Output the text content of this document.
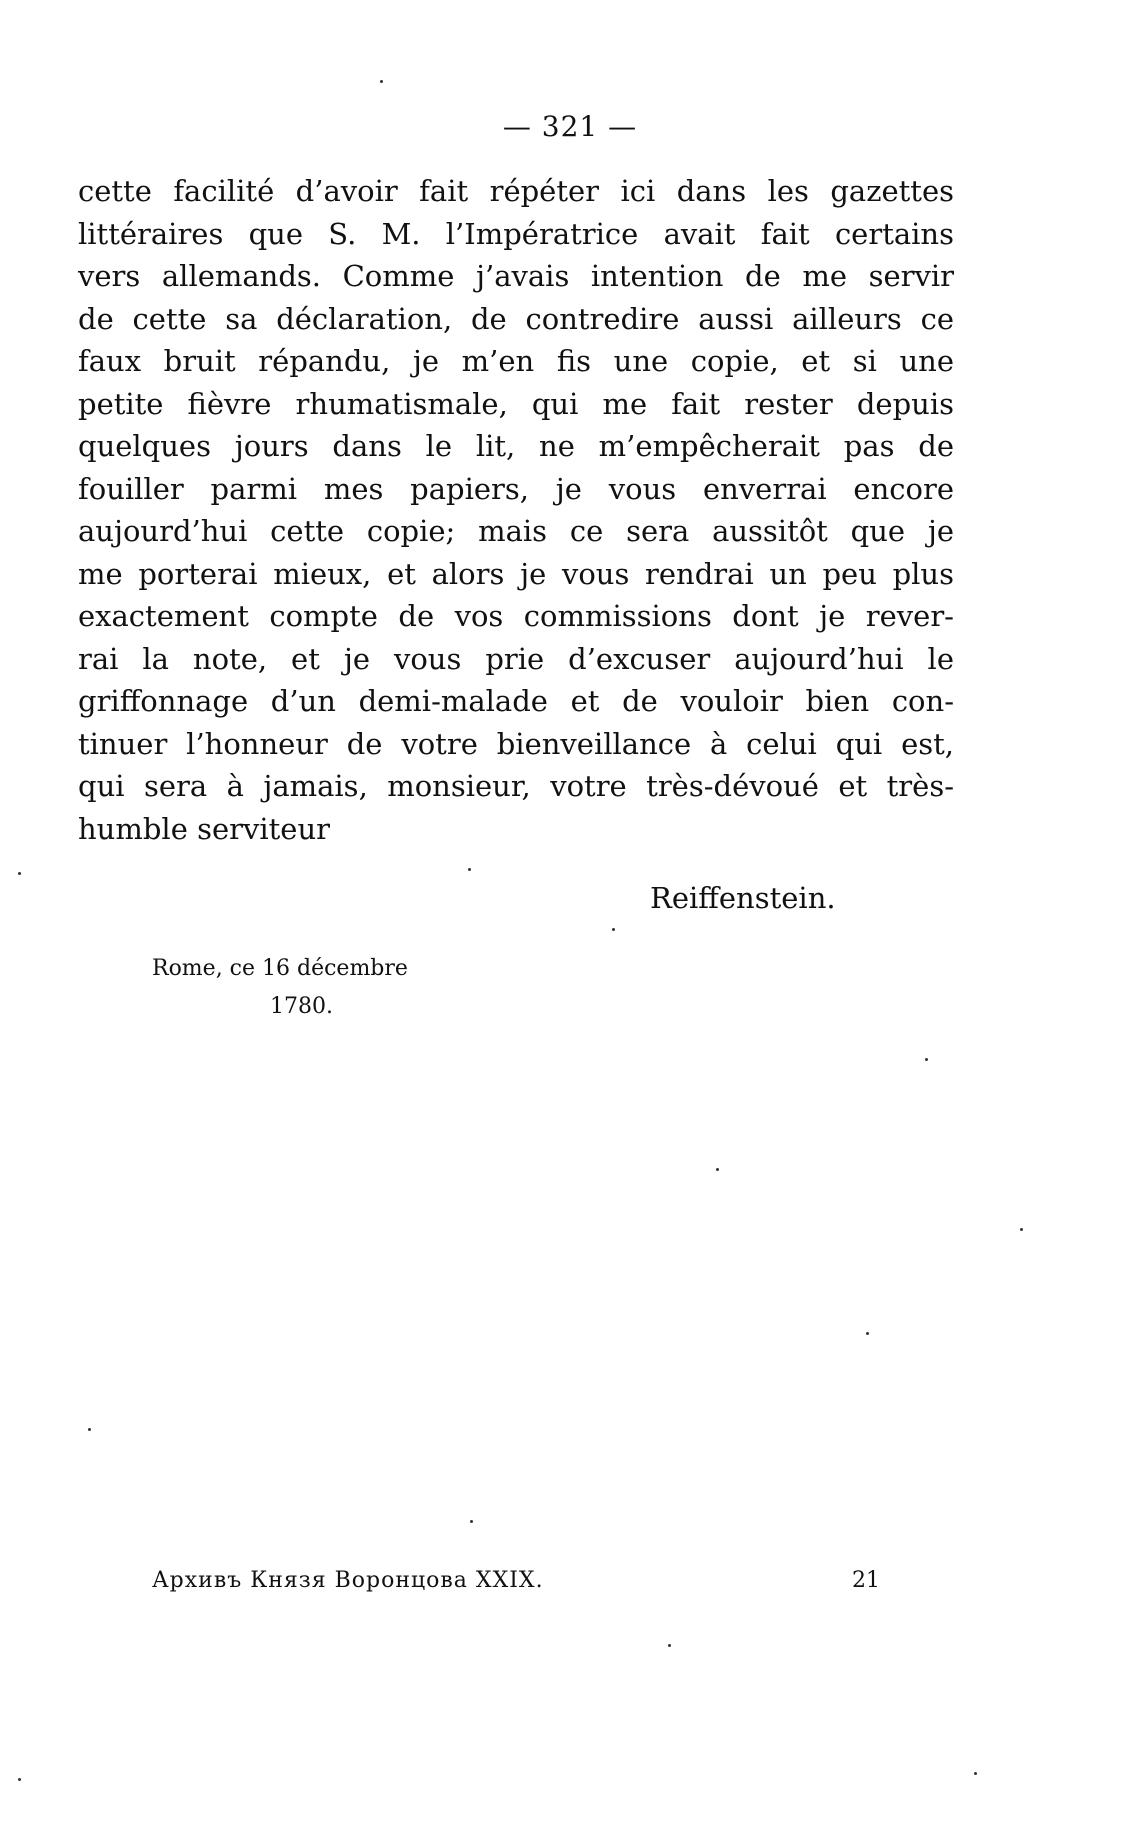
— 321 —
cette facilité d’avoir fait répéter ici dans les gazettes
littéraires que S. M. l’Impératrice avait fait certains
vers allemands. Comme j’avais intention de me servir
de cette sa déclaration, de contredire aussi ailleurs ce
faux bruit répandu, je m’en fis une copie, et si une
petite fièvre rhumatismale, qui me fait rester depuis
quelques jours dans le lit, ne m’empêcherait pas de
fouiller parmi mes papiers, je vous enverrai encore
aujourd’hui cette copie; mais ce sera aussitôt que je
me porterai mieux, et alors je vous rendrai un peu plus
exactement compte de vos commissions dont je rever-
rai la note, et je vous prie d’excuser aujourd’hui le
griffonnage d’un demi-malade et de vouloir bien con-
tinuer l’honneur de votre bienveillance à celui qui est,
qui sera à jamais, monsieur, votre très-dévoué et très-
humble serviteur
Reiffenstein.
Rome, ce 16 décembre
1780.
Архивъ Князя Воронцова XXIX.	21
